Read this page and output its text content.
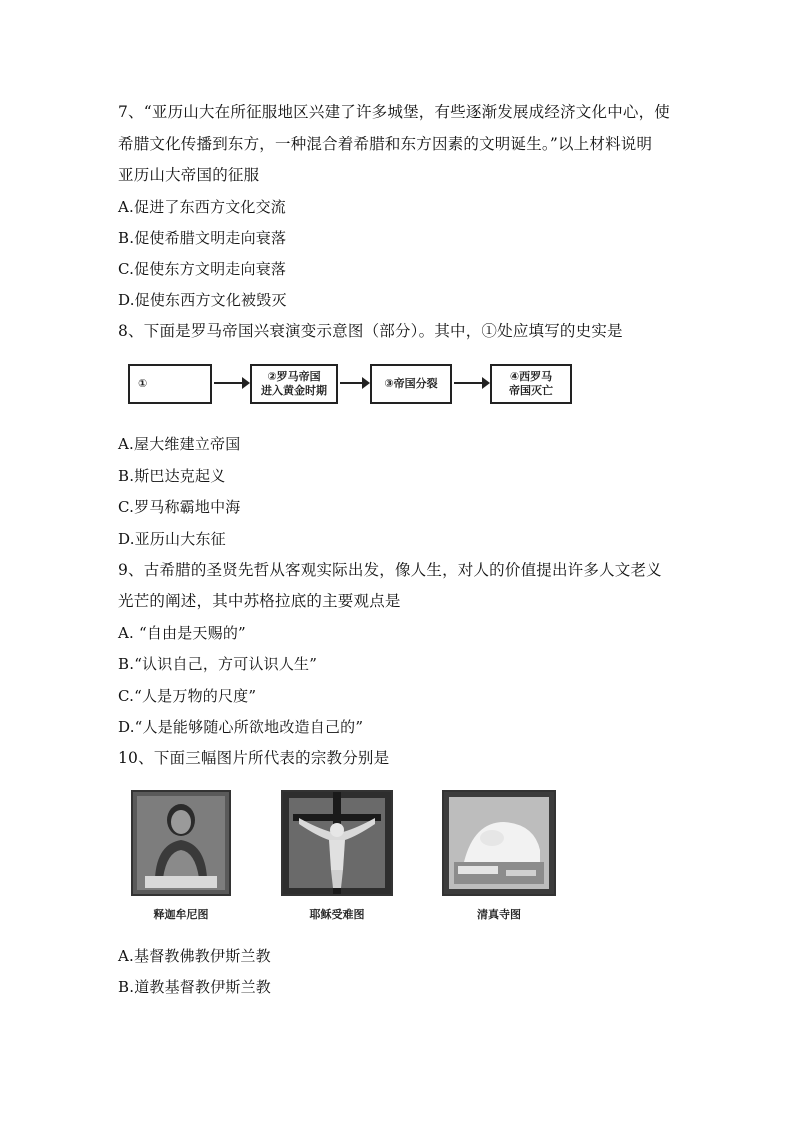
7、“亚历山大在所征服地区兴建了许多城堡，有些逐渐发展成经济文化中心，使
希腊文化传播到东方，一种混合着希腊和东方因素的文明诞生。”以上材料说明
亚历山大帝国的征服
A.促进了东西方文化交流
B.促使希腊文明走向衰落
C.促使东方文明走向衰落
D.促使东西方文化被毁灭
8、下面是罗马帝国兴衰演变示意图（部分）。其中，①处应填写的史实是
①
②罗马帝国
进入黄金时期
③帝国分裂
④西罗马
帝国灭亡
A.屋大维建立帝国
B.斯巴达克起义
C.罗马称霸地中海
D.亚历山大东征
9、古希腊的圣贤先哲从客观实际出发，像人生，对人的价值提出许多人文老义
光芒的阐述，其中苏格拉底的主要观点是
A. “自由是天赐的”
B.“认识自己，方可认识人生”
C.“人是万物的尺度”
D.“人是能够随心所欲地改造自己的”
10、下面三幅图片所代表的宗教分别是
释迦牟尼图	耶稣受难图	清真寺图
A.基督教佛教伊斯兰教
B.道教基督教伊斯兰教
